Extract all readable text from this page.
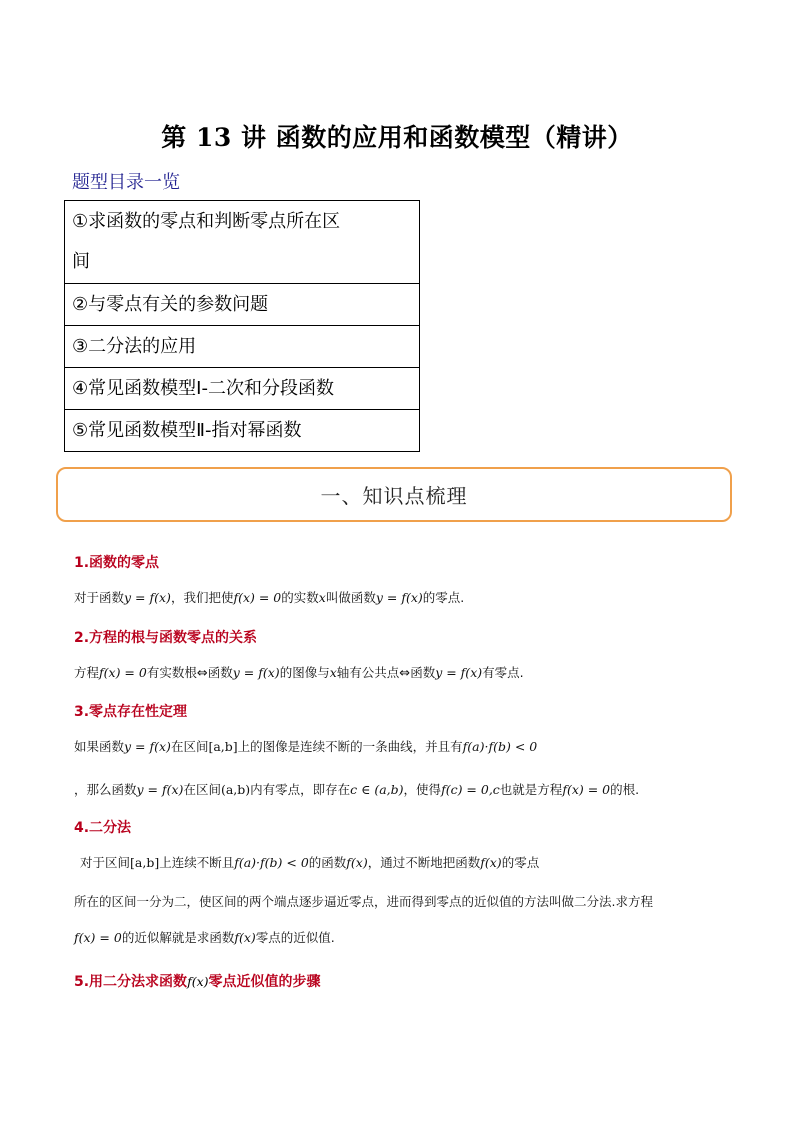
第 13 讲 函数的应用和函数模型（精讲）
题型目录一览
①求函数的零点和判断零点所在区
间
②与零点有关的参数问题
③二分法的应用
④常见函数模型Ⅰ-二次和分段函数
⑤常见函数模型Ⅱ-指对幂函数
一、知识点梳理
1.函数的零点
对于函数y = f(x)，我们把使f(x) = 0的实数x叫做函数y = f(x)的零点.
2.方程的根与函数零点的关系
方程f(x) = 0有实数根⇔函数y = f(x)的图像与x轴有公共点⇔函数y = f(x)有零点.
3.零点存在性定理
如果函数y = f(x)在区间[a,b]上的图像是连续不断的一条曲线，并且有f(a)·f(b) < 0
，那么函数y = f(x)在区间(a,b)内有零点，即存在c ∈ (a,b)，使得f(c) = 0,c也就是方程f(x) = 0的根.
4.二分法
对于区间[a,b]上连续不断且f(a)·f(b) < 0的函数f(x)，通过不断地把函数f(x)的零点
所在的区间一分为二，使区间的两个端点逐步逼近零点，进而得到零点的近似值的方法叫做二分法.求方程
f(x) = 0的近似解就是求函数f(x)零点的近似值.
5.用二分法求函数f(x)零点近似值的步骤
